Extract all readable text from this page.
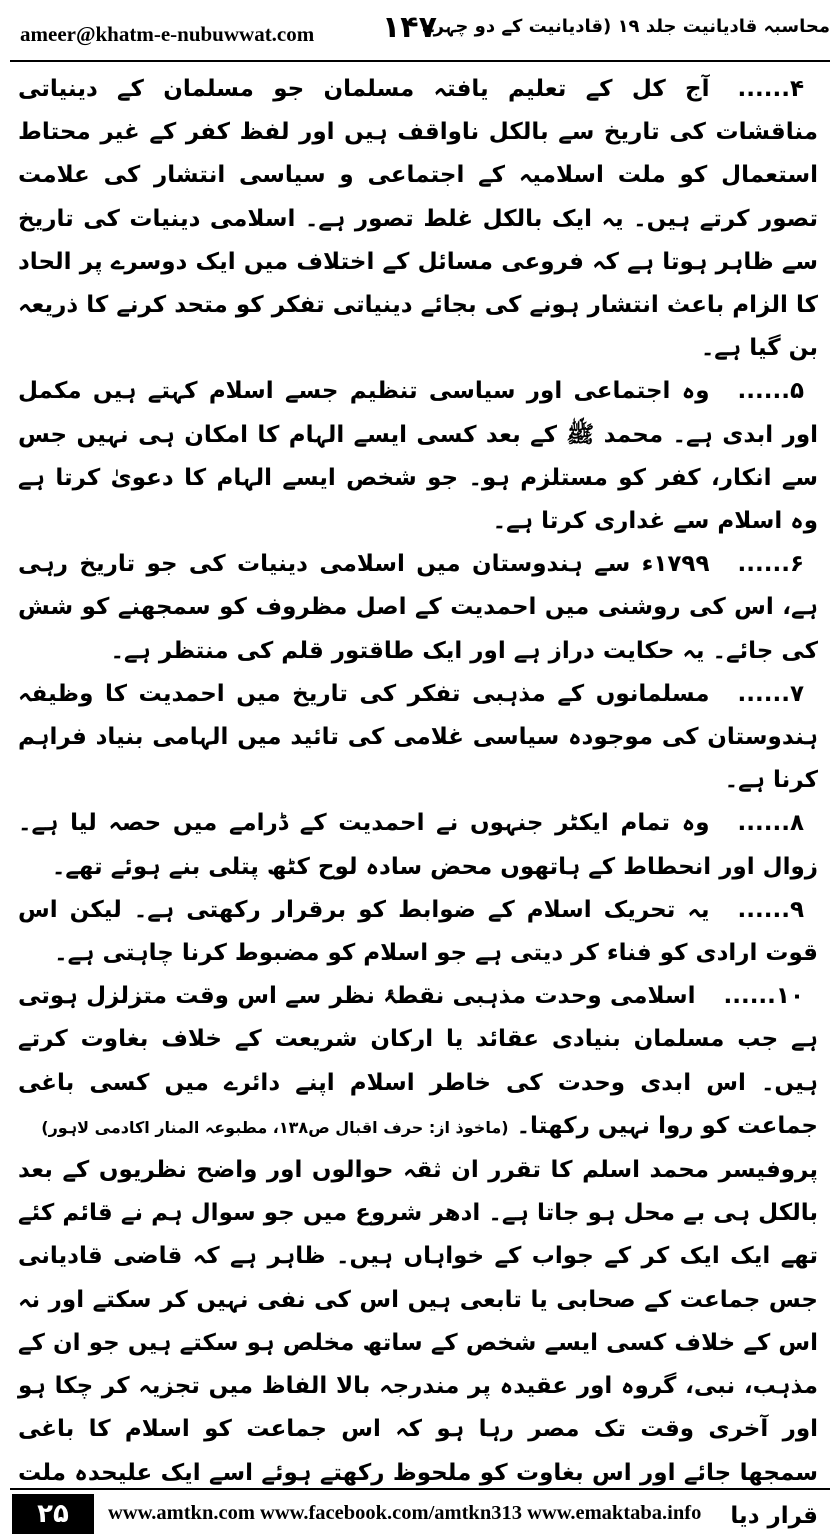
ameer@khatm-e-nubuwwat.com ۱۴۷
محاسبہ قادیانیت جلد ۱۹ (قادیانیت کے دو چہرے

۴......آج کل کے تعلیم یافتہ مسلمان جو مسلمان کے دینیاتی مناقشات کی تاریخ سے بالکل ناواقف ہیں اور لفظ کفر کے غیر محتاط استعمال کو ملت اسلامیہ کے اجتماعی و سیاسی انتشار کی علامت تصور کرتے ہیں۔ یہ ایک بالکل غلط تصور ہے۔ اسلامی دینیات کی تاریخ سے ظاہر ہوتا ہے کہ فروعی مسائل کے اختلاف میں ایک دوسرے پر الحاد کا الزام باعث انتشار ہونے کی بجائے دینیاتی تفکر کو متحد کرنے کا ذریعہ بن گیا ہے۔

۵......وہ اجتماعی اور سیاسی تنظیم جسے اسلام کہتے ہیں مکمل اور ابدی ہے۔ محمد ﷺ کے بعد کسی ایسے الہام کا امکان ہی نہیں جس سے انکار، کفر کو مستلزم ہو۔ جو شخص ایسے الہام کا دعویٰ کرتا ہے وہ اسلام سے غداری کرتا ہے۔

۶......۱۷۹۹ء سے ہندوستان میں اسلامی دینیات کی جو تاریخ رہی ہے، اس کی روشنی میں احمدیت کے اصل مظروف کو سمجھنے کو شش کی جائے۔ یہ حکایت دراز ہے اور ایک طاقتور قلم کی منتظر ہے۔

۷......مسلمانوں کے مذہبی تفکر کی تاریخ میں احمدیت کا وظیفہ ہندوستان کی موجودہ سیاسی غلامی کی تائید میں الہامی بنیاد فراہم کرنا ہے۔

۸......وہ تمام ایکٹر جنہوں نے احمدیت کے ڈرامے میں حصہ لیا ہے۔ زوال اور انحطاط کے ہاتھوں محض سادہ لوح کٹھ پتلی بنے ہوئے تھے۔

۹......یہ تحریک اسلام کے ضوابط کو برقرار رکھتی ہے۔ لیکن اس قوت ارادی کو فناء کر دیتی ہے جو اسلام کو مضبوط کرنا چاہتی ہے۔

۱۰......اسلامی وحدت مذہبی نقطۂ نظر سے اس وقت متزلزل ہوتی ہے جب مسلمان بنیادی عقائد یا ارکان شریعت کے خلاف بغاوت کرتے ہیں۔ اس ابدی وحدت کی خاطر اسلام اپنے دائرے میں کسی باغی جماعت کو روا نہیں رکھتا۔ (ماخوذ از: حرف اقبال ص۱۳۸، مطبوعہ المنار اکادمی لاہور)

پروفیسر محمد اسلم کا تقرر ان ثقہ حوالوں اور واضح نظریوں کے بعد بالکل ہی بے محل ہو جاتا ہے۔ ادھر شروع میں جو سوال ہم نے قائم کئے تھے ایک ایک کر کے جواب کے خواہاں ہیں۔ ظاہر ہے کہ قاضی قادیانی جس جماعت کے صحابی یا تابعی ہیں اس کی نفی نہیں کر سکتے اور نہ اس کے خلاف کسی ایسے شخص کے ساتھ مخلص ہو سکتے ہیں جو ان کے مذہب، نبی، گروہ اور عقیدہ پر مندرجہ بالا الفاظ میں تجزیہ کر چکا ہو اور آخری وقت تک مصر رہا ہو کہ اس جماعت کو اسلام کا باغی سمجھا جائے اور اس بغاوت کو ملحوظ رکھتے ہوئے اسے ایک علیحدہ ملت قرار دیا

۲۵	www.amtkn.com www.facebook.com/amtkn313 www.emaktaba.info
